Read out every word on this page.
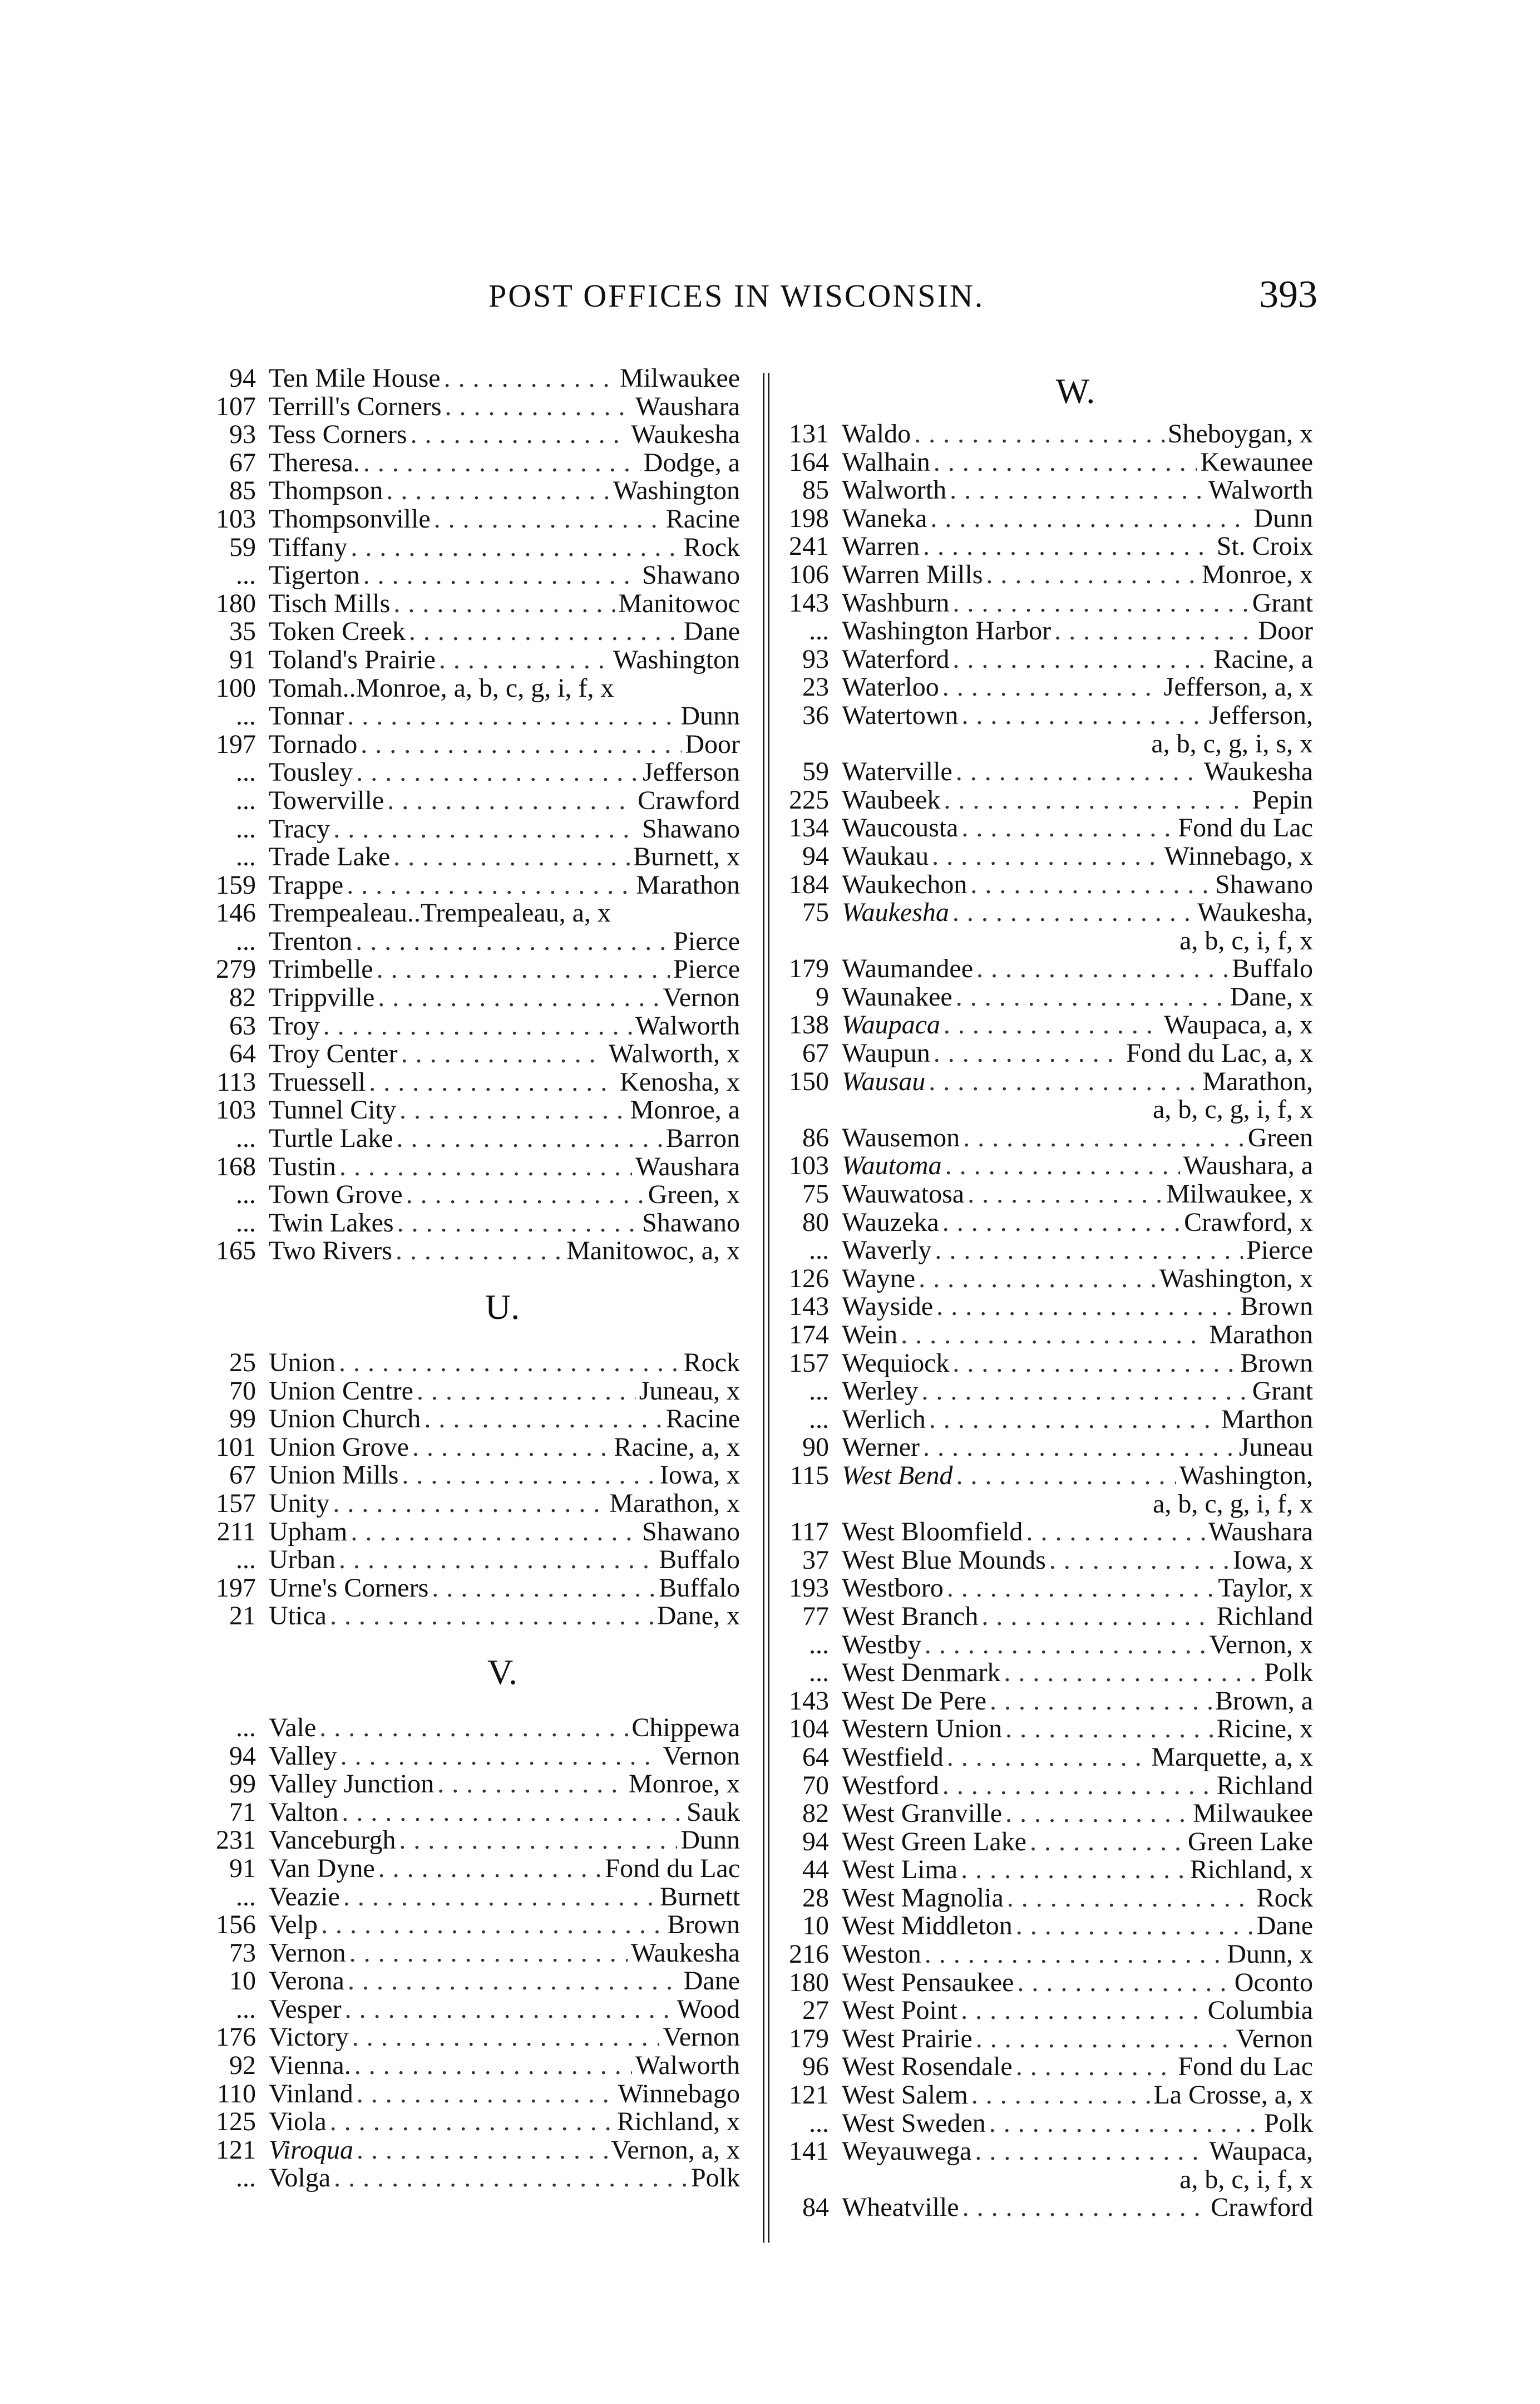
POST OFFICES IN WISCONSIN.	393
94 Ten Mile House . . .	Milwaukee
107 Terrill's Corners . . .	Waushara
93 Tess Corners . . .	Waukesha
67 Theresa. . . .	Dodge, a
85 Thompson . . .	Washington
103 Thompsonville . . .	Racine
59 Tiffany . . .	Rock
... Tigerton . . .	Shawano
180 Tisch Mills . . .	Manitowoc
35 Token Creek . . .	Dane
91 Toland's Prairie . . .	Washington
100 Tomah..Monroe, a, b, c, g, i, f, x
... Tonnar . . .	Dunn
197 Tornado . . .	Door
... Tousley . . .	Jefferson
... Towerville . . .	Crawford
... Tracy . . .	Shawano
... Trade Lake . . .	Burnett, x
159 Trappe . . .	Marathon
146 Trempealeau..Trempealeau, a, x
... Trenton . . .	Pierce
279 Trimbelle . . .	Pierce
82 Trippville . . .	Vernon
63 Troy . . .	Walworth
64 Troy Center . . .	Walworth, x
113 Truessell . . .	Kenosha, x
103 Tunnel City . . .	Monroe, a
... Turtle Lake . . .	Barron
168 Tustin . . .	Waushara
... Town Grove . . .	Green, x
... Twin Lakes . . .	Shawano
165 Two Rivers . . .	Manitowoc, a, x
U.
25 Union . . .	Rock
70 Union Centre . . .	Juneau, x
99 Union Church . . .	Racine
101 Union Grove . . .	Racine, a, x
67 Union Mills . . .	Iowa, x
157 Unity . . .	Marathon, x
211 Upham . . .	Shawano
... Urban . . .	Buffalo
197 Urne's Corners . . .	Buffalo
21 Utica . . .	Dane, x
V.
... Vale . . .	Chippewa
94 Valley . . .	Vernon
99 Valley Junction . . .	Monroe, x
71 Valton . . .	Sauk
231 Vanceburgh . . .	Dunn
91 Van Dyne . . .	Fond du Lac
... Veazie . . .	Burnett
156 Velp . . .	Brown
73 Vernon . . .	Waukesha
10 Verona . . .	Dane
... Vesper . . .	Wood
176 Victory . . .	Vernon
92 Vienna. . . .	Walworth
110 Vinland . . .	Winnebago
125 Viola . . .	Richland, x
121 Viroqua . . .	Vernon, a, x
... Volga . . .	Polk
W.
131 Waldo . . .	Sheboygan, x
164 Walhain . . .	Kewaunee
85 Walworth . . .	Walworth
198 Waneka . . .	Dunn
241 Warren . . .	St. Croix
106 Warren Mills . . .	Monroe, x
143 Washburn . . .	Grant
... Washington Harbor . . .	Door
93 Waterford . . .	Racine, a
23 Waterloo . . .	Jefferson, a, x
36 Watertown . . .	Jefferson,
a, b, c, g, i, s, x
59 Waterville . . .	Waukesha
225 Waubeek . . .	Pepin
134 Waucousta . . .	Fond du Lac
94 Waukau . . .	Winnebago, x
184 Waukechon . . .	Shawano
75 Waukesha . . .	Waukesha,
a, b, c, i, f, x
179 Waumandee . . .	Buffalo
9 Waunakee . . .	Dane, x
138 Waupaca . . .	Waupaca, a, x
67 Waupun . . .	Fond du Lac, a, x
150 Wausau . . .	Marathon,
a, b, c, g, i, f, x
86 Wausemon . . .	Green
103 Wautoma . . .	Waushara, a
75 Wauwatosa . . .	Milwaukee, x
80 Wauzeka . . .	Crawford, x
... Waverly . . .	Pierce
126 Wayne . . .	Washington, x
143 Wayside . . .	Brown
174 Wein . . .	Marathon
157 Wequiock . . .	Brown
... Werley . . .	Grant
... Werlich . . .	Marthon
90 Werner . . .	Juneau
115 West Bend . . .	Washington,
a, b, c, g, i, f, x
117 West Bloomfield . . .	Waushara
37 West Blue Mounds . . .	Iowa, x
193 Westboro . . .	Taylor, x
77 West Branch . . .	Richland
... Westby . . .	Vernon, x
... West Denmark . . .	Polk
143 West De Pere . . .	Brown, a
104 Western Union . . .	Ricine, x
64 Westfield . . .	Marquette, a, x
70 Westford . . .	Richland
82 West Granville . . .	Milwaukee
94 West Green Lake . . .	Green Lake
44 West Lima . . .	Richland, x
28 West Magnolia . . .	Rock
10 West Middleton . . .	Dane
216 Weston . . .	Dunn, x
180 West Pensaukee . . .	Oconto
27 West Point . . .	Columbia
179 West Prairie . . .	Vernon
96 West Rosendale . . .	Fond du Lac
121 West Salem . . .	La Crosse, a, x
... West Sweden . . .	Polk
141 Weyauwega . . .	Waupaca,
a, b, c, i, f, x
84 Wheatville . . .	Crawford
